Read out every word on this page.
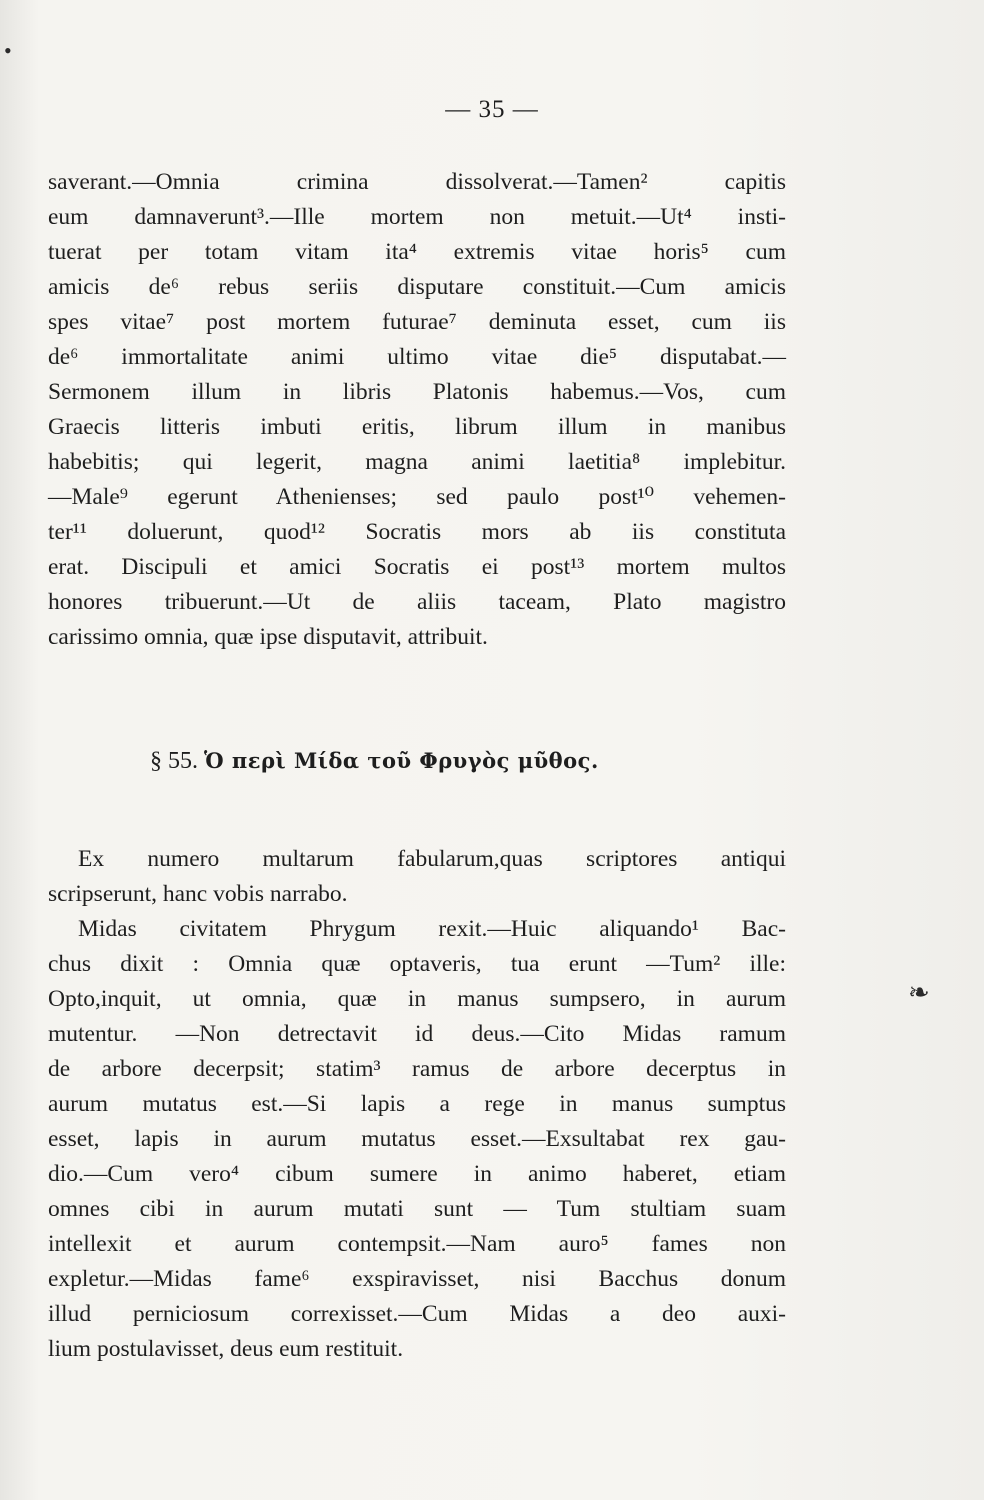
•
❧
— 35 —
saverant.—Omnia crimina dissolverat.—Tamen² capitis
eum damnaverunt³.—Ille mortem non metuit.—Ut⁴ insti-
tuerat per totam vitam ita⁴ extremis vitae horis⁵ cum
amicis de⁶ rebus seriis disputare constituit.—Cum amicis
spes vitae⁷ post mortem futurae⁷ deminuta esset, cum iis
de⁶ immortalitate animi ultimo vitae die⁵ disputabat.—
Sermonem illum in libris Platonis habemus.—Vos, cum
Graecis litteris imbuti eritis, librum illum in manibus
habebitis; qui legerit, magna animi laetitia⁸ implebitur.
—Male⁹ egerunt Athenienses; sed paulo post¹⁰ vehemen-
ter¹¹ doluerunt, quod¹² Socratis mors ab iis constituta
erat. Discipuli et amici Socratis ei post¹³ mortem multos
honores tribuerunt.—Ut de aliis taceam, Plato magistro
carissimo omnia, quæ ipse disputavit, attribuit.
§ 55. Ὁ περὶ Μίδα τοῦ Φρυγὸς μῦθος.
Ex numero multarum fabularum,quas scriptores antiqui
scripserunt, hanc vobis narrabo.
Midas civitatem Phrygum rexit.—Huic aliquando¹ Bac-
chus dixit : Omnia quæ optaveris, tua erunt —Tum² ille:
Opto,inquit, ut omnia, quæ in manus sumpsero, in aurum
mutentur. —Non detrectavit id deus.—Cito Midas ramum
de arbore decerpsit; statim³ ramus de arbore decerptus in
aurum mutatus est.—Si lapis a rege in manus sumptus
esset, lapis in aurum mutatus esset.—Exsultabat rex gau-
dio.—Cum vero⁴ cibum sumere in animo haberet, etiam
omnes cibi in aurum mutati sunt — Tum stultiam suam
intellexit et aurum contempsit.—Nam auro⁵ fames non
expletur.—Midas fame⁶ exspiravisset, nisi Bacchus donum
illud perniciosum correxisset.—Cum Midas a deo auxi-
lium postulavisset, deus eum restituit.
